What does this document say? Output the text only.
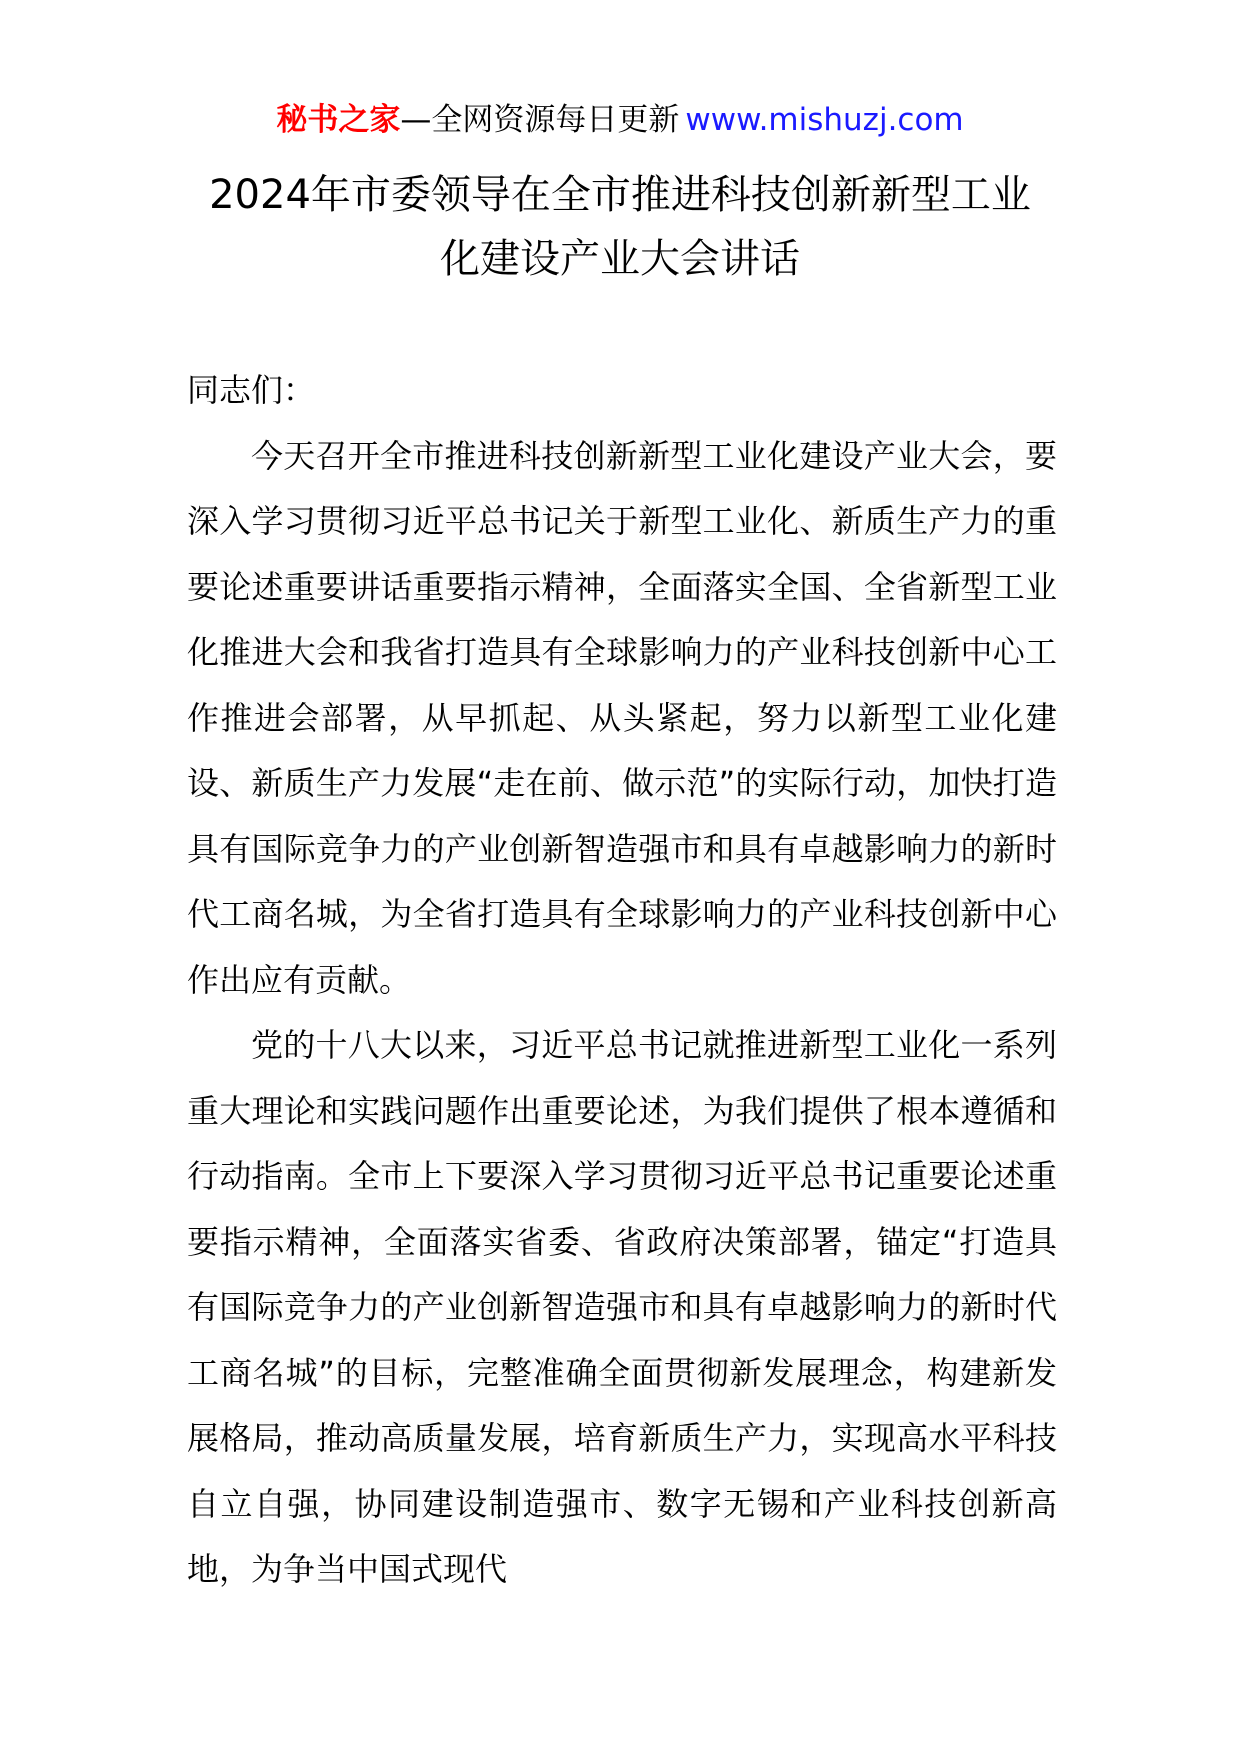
秘书之家—全网资源每日更新 www.mishuzj.com
2024年市委领导在全市推进科技创新新型工业
化建设产业大会讲话

同志们：

今天召开全市推进科技创新新型工业化建设产业大会，要深入学习贯彻习近平总书记关于新型工业化、新质生产力的重要论述重要讲话重要指示精神，全面落实全国、全省新型工业化推进大会和我省打造具有全球影响力的产业科技创新中心工作推进会部署，从早抓起、从头紧起，努力以新型工业化建设、新质生产力发展“走在前、做示范”的实际行动，加快打造具有国际竞争力的产业创新智造强市和具有卓越影响力的新时代工商名城，为全省打造具有全球影响力的产业科技创新中心作出应有贡献。

党的十八大以来，习近平总书记就推进新型工业化一系列重大理论和实践问题作出重要论述，为我们提供了根本遵循和行动指南。全市上下要深入学习贯彻习近平总书记重要论述重要指示精神，全面落实省委、省政府决策部署，锚定“打造具有国际竞争力的产业创新智造强市和具有卓越影响力的新时代工商名城”的目标，完整准确全面贯彻新发展理念，构建新发展格局，推动高质量发展，培育新质生产力，实现高水平科技自立自强，协同建设制造强市、数字无锡和产业科技创新高地，为争当中国式现代
